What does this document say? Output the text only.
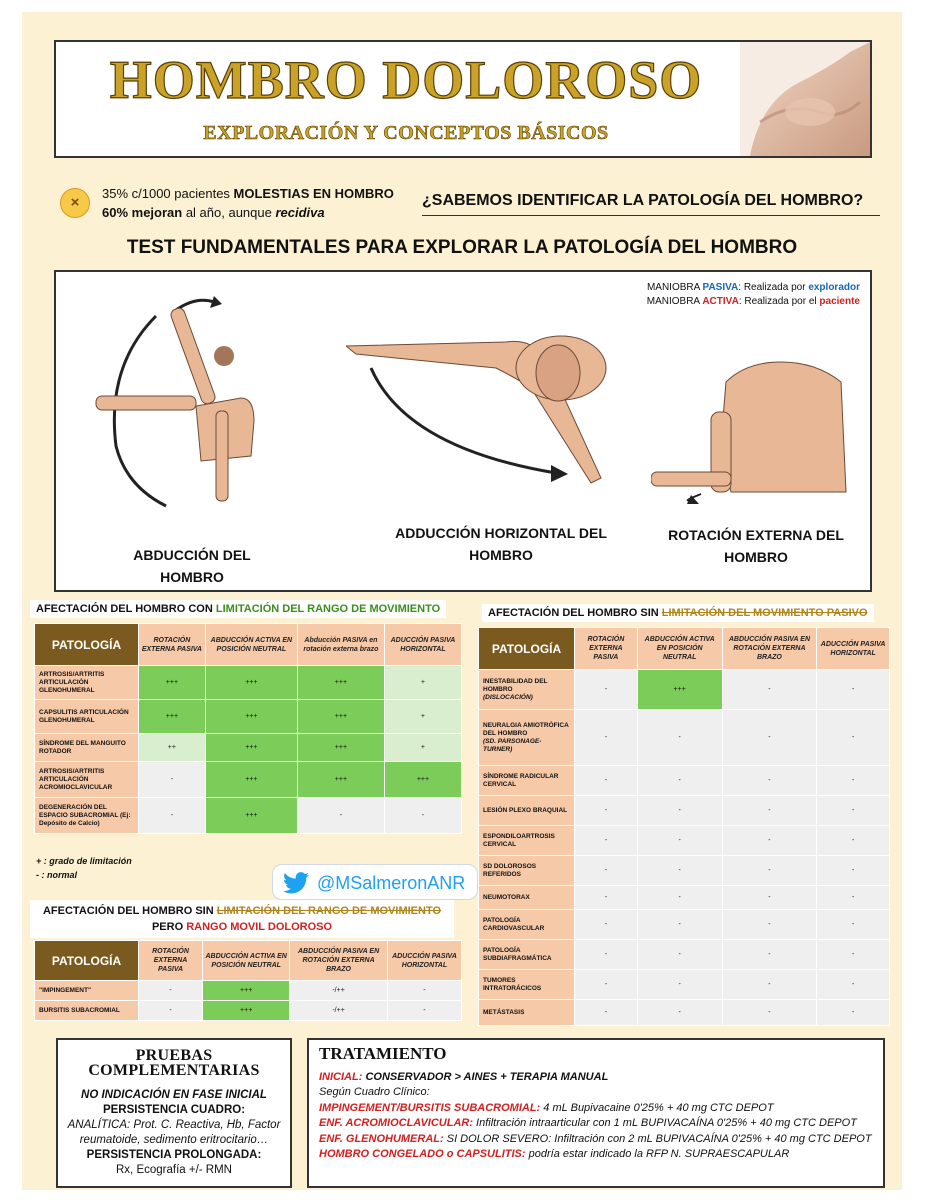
HOMBRO DOLOROSO
EXPLORACIÓN Y CONCEPTOS BÁSICOS
×
35% c/1000 pacientes MOLESTIAS EN HOMBRO
60% mejoran al año, aunque recidiva
¿SABEMOS IDENTIFICAR LA PATOLOGÍA DEL HOMBRO?
TEST FUNDAMENTALES PARA EXPLORAR LA PATOLOGÍA DEL HOMBRO
MANIOBRA PASIVA: Realizada por explorador
MANIOBRA ACTIVA: Realizada por el paciente
ABDUCCIÓN DEL HOMBRO
ADDUCCIÓN HORIZONTAL DEL HOMBRO
ROTACIÓN EXTERNA DEL HOMBRO
AFECTACIÓN DEL HOMBRO CON LIMITACIÓN DEL RANGO DE MOVIMIENTO
PATOLOGÍA	ROTACIÓN EXTERNA PASIVA	ABDUCCIÓN ACTIVA EN POSICIÓN NEUTRAL	Abducción PASIVA en rotación externa brazo	ADUCCIÓN PASIVA HORIZONTAL
ARTROSIS/ARTRITIS ARTICULACIÓN GLENOHUMERAL	+++	+++	+++	+
CAPSULITIS ARTICULACIÓN GLENOHUMERAL	+++	+++	+++	+
SÍNDROME DEL MANGUITO ROTADOR	++	+++	+++	+
ARTROSIS/ARTRITIS ARTICULACIÓN ACROMIOCLAVICULAR	-	+++	+++	+++
DEGENERACIÓN DEL ESPACIO SUBACROMIAL (Ej: Depósito de Calcio)	-	+++	-	-
+ : grado de limitación
- : normal	@MSalmeronANR
AFECTACIÓN DEL HOMBRO SIN LIMITACIÓN DEL RANGO DE MOVIMIENTO
PERO RANGO MOVIL DOLOROSO
PATOLOGÍA	ROTACIÓN EXTERNA PASIVA	ABDUCCIÓN ACTIVA EN POSICIÓN NEUTRAL	ABDUCCIÓN PASIVA EN ROTACIÓN EXTERNA BRAZO	ADUCCIÓN PASIVA HORIZONTAL
"IMPINGEMENT"	-	+++	-/++	-
BURSITIS SUBACROMIAL	-	+++	-/++	-
AFECTACIÓN DEL HOMBRO SIN LIMITACIÓN DEL MOVIMIENTO PASIVO
PATOLOGÍA	ROTACIÓN EXTERNA PASIVA	ABDUCCIÓN ACTIVA EN POSICIÓN NEUTRAL	ABDUCCIÓN PASIVA EN ROTACIÓN EXTERNA BRAZO	ADUCCIÓN PASIVA HORIZONTAL
INESTABILIDAD DEL HOMBRO
(DISLOCACIÓN)	-	+++	-	-
NEURALGIA AMIOTRÓFICA DEL HOMBRO
(SD. PARSONAGE-TURNER)	-	-	-	-
SÍNDROME RADICULAR CERVICAL	-	-	-	-
LESIÓN PLEXO BRAQUIAL	-	-	-	-
ESPONDILOARTROSIS CERVICAL	-	-	-	-
SD DOLOROSOS REFERIDOS	-	-	-	-
NEUMOTORAX	-	-	-	-
PATOLOGÍA CARDIOVASCULAR	-	-	-	-
PATOLOGÍA SUBDIAFRAGMÁTICA	-	-	-	-
TUMORES INTRATORÁCICOS	-	-	-	-
METÁSTASIS	-	-	-	-
PRUEBAS COMPLEMENTARIAS
NO INDICACIÓN EN FASE INICIAL
PERSISTENCIA CUADRO:
ANALÍTICA: Prot. C. Reactiva, Hb, Factor reumatoide, sedimento eritrocitario…
PERSISTENCIA PROLONGADA:
Rx, Ecografía +/- RMN
TRATAMIENTO
INICIAL: CONSERVADOR > AINES + TERAPIA MANUAL
Según Cuadro Clínico:
IMPINGEMENT/BURSITIS SUBACROMIAL: 4 mL Bupivacaine 0'25% + 40 mg CTC DEPOT
ENF. ACROMIOCLAVICULAR: Infiltración intraarticular con 1 mL BUPIVACAÍNA 0'25% + 40 mg CTC DEPOT
ENF. GLENOHUMERAL: SI DOLOR SEVERO: Infiltración con 2 mL BUPIVACAÍNA 0'25% + 40 mg CTC DEPOT
HOMBRO CONGELADO o CAPSULITIS: podría estar indicado la RFP N. SUPRAESCAPULAR
